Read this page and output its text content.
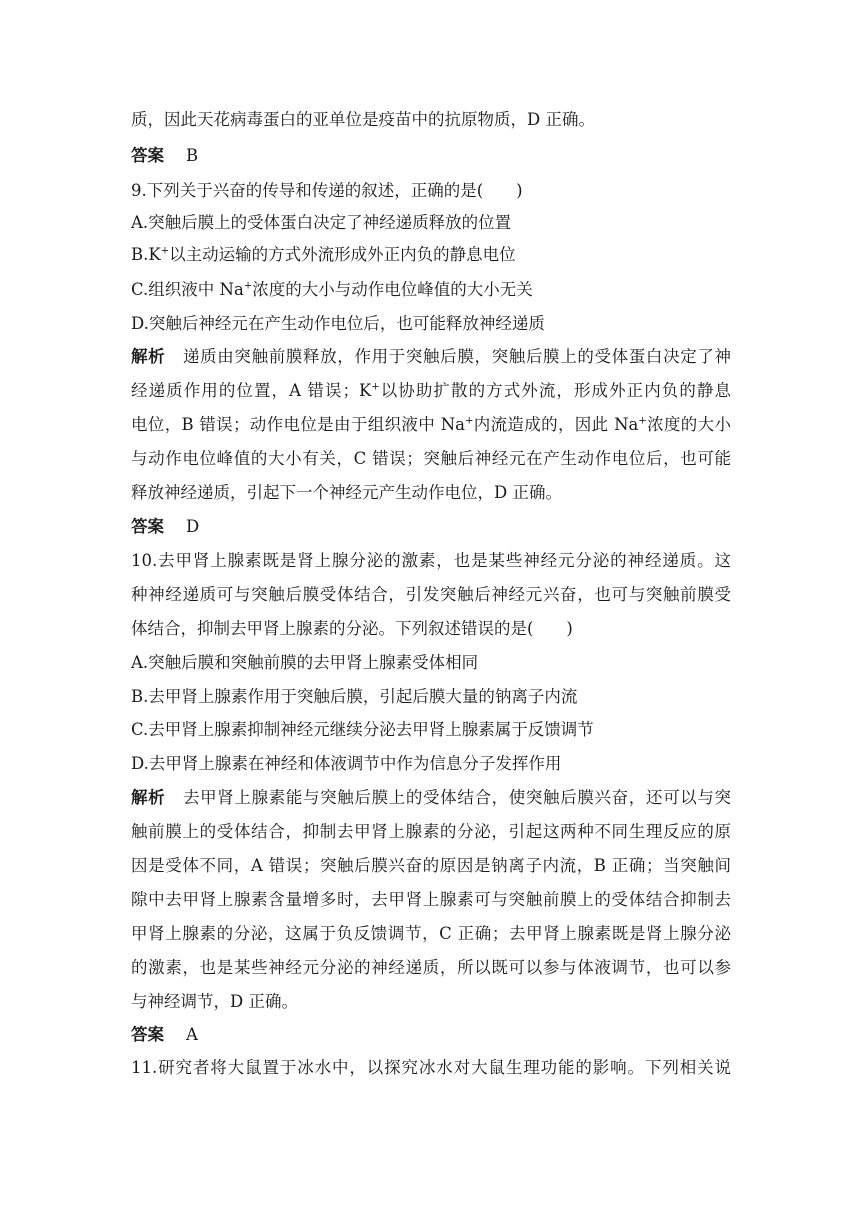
质，因此天花病毒蛋白的亚单位是疫苗中的抗原物质，D 正确。
答案 B
9.下列关于兴奋的传导和传递的叙述，正确的是(　　)
A.突触后膜上的受体蛋白决定了神经递质释放的位置
B.K+以主动运输的方式外流形成外正内负的静息电位
C.组织液中 Na+浓度的大小与动作电位峰值的大小无关
D.突触后神经元在产生动作电位后，也可能释放神经递质
解析 递质由突触前膜释放，作用于突触后膜，突触后膜上的受体蛋白决定了神
经递质作用的位置，A 错误；K+以协助扩散的方式外流，形成外正内负的静息
电位，B 错误；动作电位是由于组织液中 Na+内流造成的，因此 Na+浓度的大小
与动作电位峰值的大小有关，C 错误；突触后神经元在产生动作电位后，也可能
释放神经递质，引起下一个神经元产生动作电位，D 正确。
答案 D
10.去甲肾上腺素既是肾上腺分泌的激素，也是某些神经元分泌的神经递质。这
种神经递质可与突触后膜受体结合，引发突触后神经元兴奋，也可与突触前膜受
体结合，抑制去甲肾上腺素的分泌。下列叙述错误的是(　　)
A.突触后膜和突触前膜的去甲肾上腺素受体相同
B.去甲肾上腺素作用于突触后膜，引起后膜大量的钠离子内流
C.去甲肾上腺素抑制神经元继续分泌去甲肾上腺素属于反馈调节
D.去甲肾上腺素在神经和体液调节中作为信息分子发挥作用
解析 去甲肾上腺素能与突触后膜上的受体结合，使突触后膜兴奋，还可以与突
触前膜上的受体结合，抑制去甲肾上腺素的分泌，引起这两种不同生理反应的原
因是受体不同，A 错误；突触后膜兴奋的原因是钠离子内流，B 正确；当突触间
隙中去甲肾上腺素含量增多时，去甲肾上腺素可与突触前膜上的受体结合抑制去
甲肾上腺素的分泌，这属于负反馈调节，C 正确；去甲肾上腺素既是肾上腺分泌
的激素，也是某些神经元分泌的神经递质，所以既可以参与体液调节，也可以参
与神经调节，D 正确。
答案 A
11.研究者将大鼠置于冰水中，以探究冰水对大鼠生理功能的影响。下列相关说
